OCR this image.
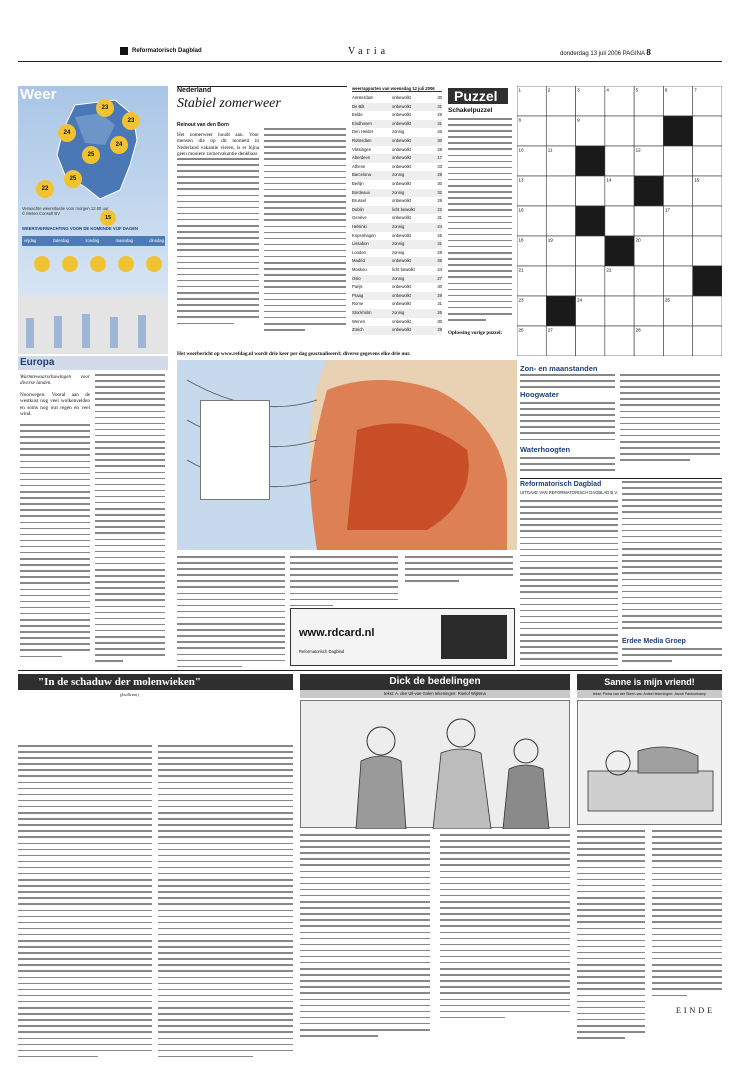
Reformatorisch Dagblad	Varia	donderdag 13 juli 2006 PAGINA 8
Weer
23
24
25
24
25
22
23
15
Verwachte weersituatie voor morgen 12.00 uur
© Meteo Consult BV
WEERSVERWACHTING VOOR DE KOMENDE VIJF DAGEN
vrijdag	zaterdag	zondag	maandag	dinsdag
Europa
Warmtewaarschuwingen voor diverse landen.
Noorwegen: Vooral aan de westkust nog veel wolkenvelden en soms nog wat regen en veel wind.
Nederland
Stabiel zomerweer
Reinout van den Born
Het zomerweer houdt aan. Voor mensen die op dit moment in Nederland vakantie vieren, is er bijna geen mooiere zomervakantie denkbaar.
weerrapporten van woensdag 12 juli 2006
Amsterdam	onbewolkt	30
De Bilt	onbewolkt	31
Eelde	onbewolkt	29
Eindhoven	onbewolkt	31
Den Helder	zonnig	26
Rotterdam	onbewolkt	30
Vlissingen	onbewolkt	28
Aberdeen	onbewolkt	17
Athene	onbewolkt	33
Barcelona	zonnig	28
Berlijn	onbewolkt	30
Bordeaux	zonnig	32
Brussel	onbewolkt	29
Dublin	licht bewolkt	22
Genève	onbewolkt	31
Helsinki	zonnig	24
Kopenhagen	onbewolkt	25
Lissabon	zonnig	31
Londen	zonnig	29
Madrid	onbewolkt	35
Moskou	licht bewolkt	24
Oslo	zonnig	27
Parijs	onbewolkt	30
Praag	onbewolkt	29
Rome	onbewolkt	31
Stockholm	zonnig	26
Wenen	onbewolkt	30
Zürich	onbewolkt	29
Puzzel
Schakelpuzzel
Oplossing vorige puzzel:
1	2	3	4	5	6	7
8	9
10	11	12
13	14	15
16	17
18	19	20
21	22
23	24	25
26	27	28
Het weerbericht op www.refdag.nl wordt drie keer per dag geactualiseerd; diverse gegevens elke drie uur.
Zon- en maanstanden
Hoogwater
Waterhoogten
Reformatorisch Dagblad
UITGAVE VAN REFORMATORISCH DAGBLAD B.V.
Erdee Media Groep
www.rdcard.nl
Reformatorisch Dagblad
"In de schaduw der molenwieken"
(feuilleton)
Dick de bedelingen
tekst: A. den Uil-van Golen tekeningen: Roelof Wijtsma
Sanne is mijn vriend!
tekst: Pietra van der Steen-van Ardeel tekeningen: Jacob Pastoorkamp
EINDE
